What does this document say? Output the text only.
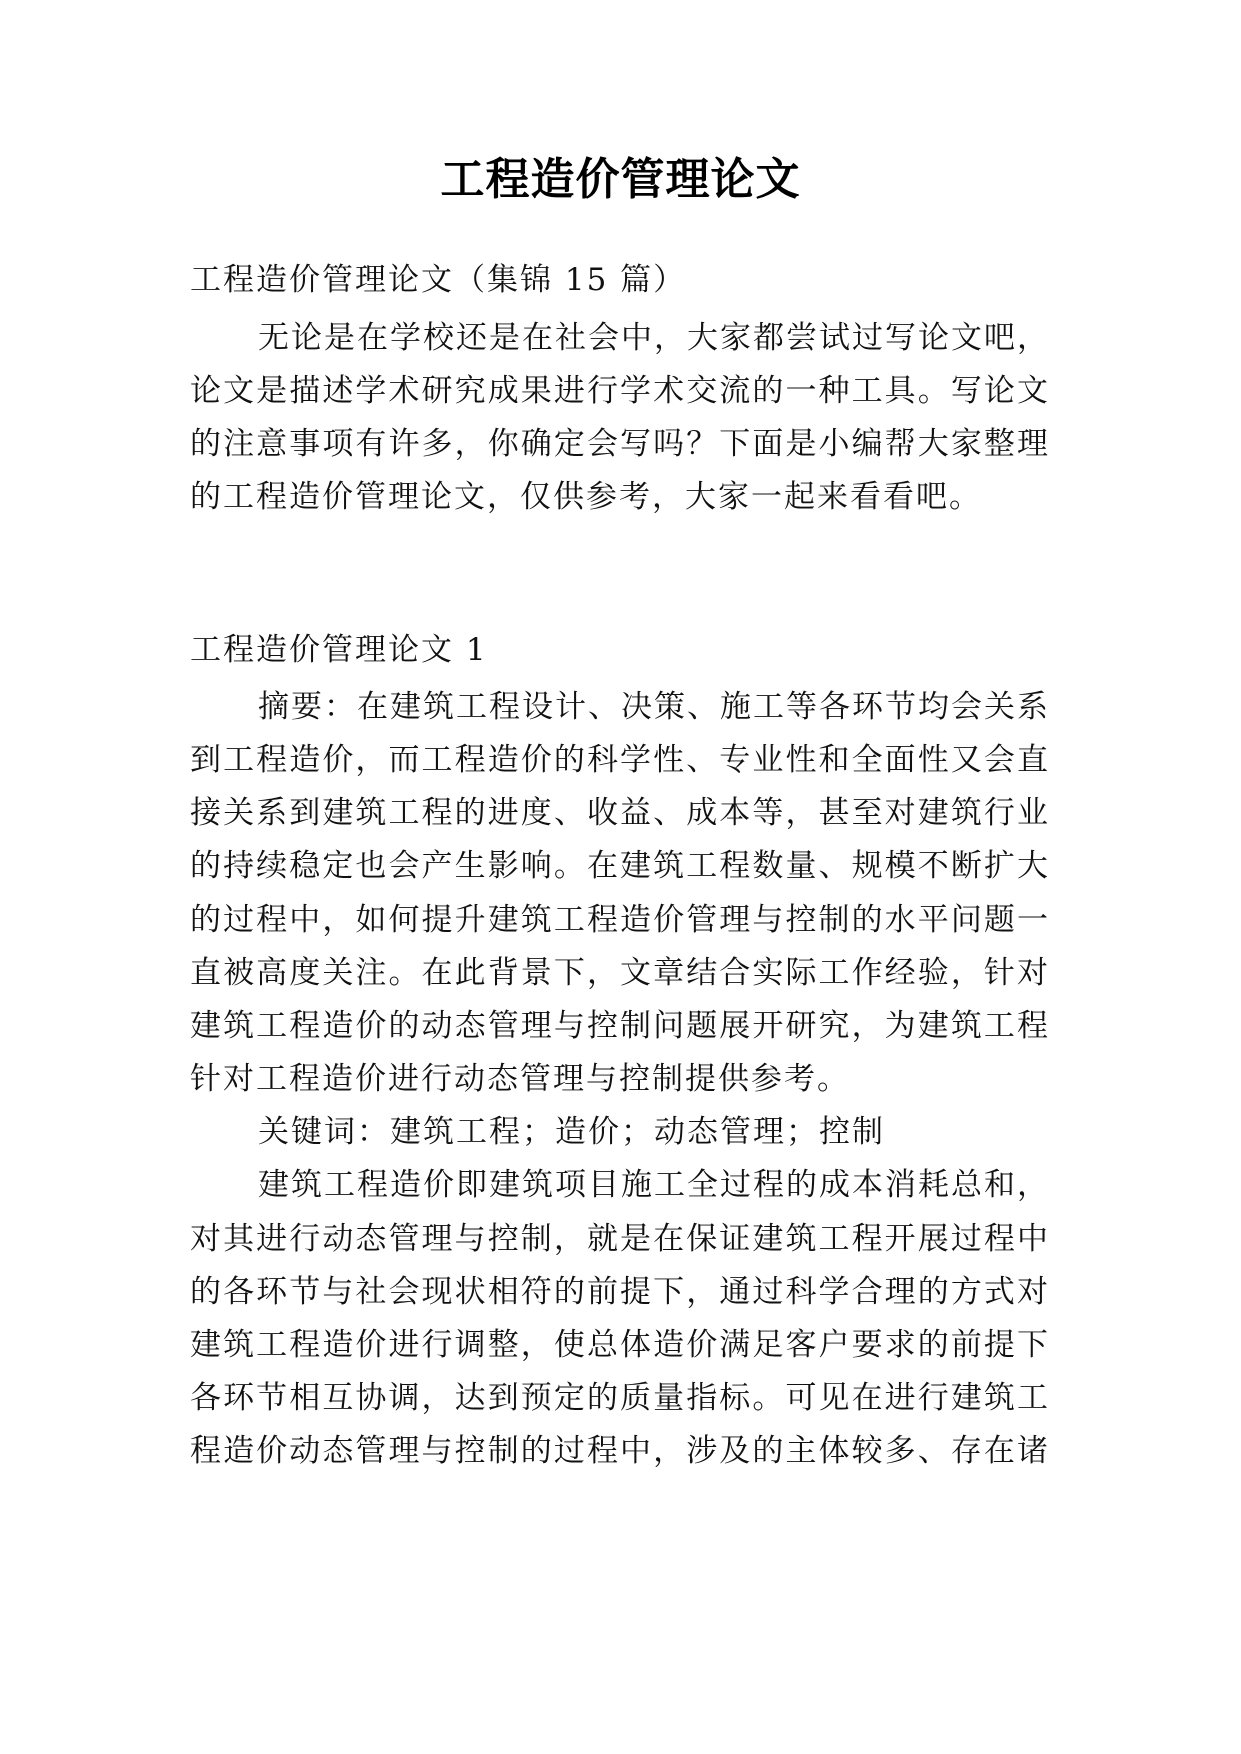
工程造价管理论文
工程造价管理论文（集锦 15 篇）
无论是在学校还是在社会中，大家都尝试过写论文吧，
论文是描述学术研究成果进行学术交流的一种工具。写论文
的注意事项有许多，你确定会写吗？下面是小编帮大家整理
的工程造价管理论文，仅供参考，大家一起来看看吧。
工程造价管理论文 1
摘要：在建筑工程设计、决策、施工等各环节均会关系
到工程造价，而工程造价的科学性、专业性和全面性又会直
接关系到建筑工程的进度、收益、成本等，甚至对建筑行业
的持续稳定也会产生影响。在建筑工程数量、规模不断扩大
的过程中，如何提升建筑工程造价管理与控制的水平问题一
直被高度关注。在此背景下，文章结合实际工作经验，针对
建筑工程造价的动态管理与控制问题展开研究，为建筑工程
针对工程造价进行动态管理与控制提供参考。
关键词：建筑工程；造价；动态管理；控制
建筑工程造价即建筑项目施工全过程的成本消耗总和，
对其进行动态管理与控制，就是在保证建筑工程开展过程中
的各环节与社会现状相符的前提下，通过科学合理的方式对
建筑工程造价进行调整，使总体造价满足客户要求的前提下
各环节相互协调，达到预定的质量指标。可见在进行建筑工
程造价动态管理与控制的过程中，涉及的主体较多、存在诸
